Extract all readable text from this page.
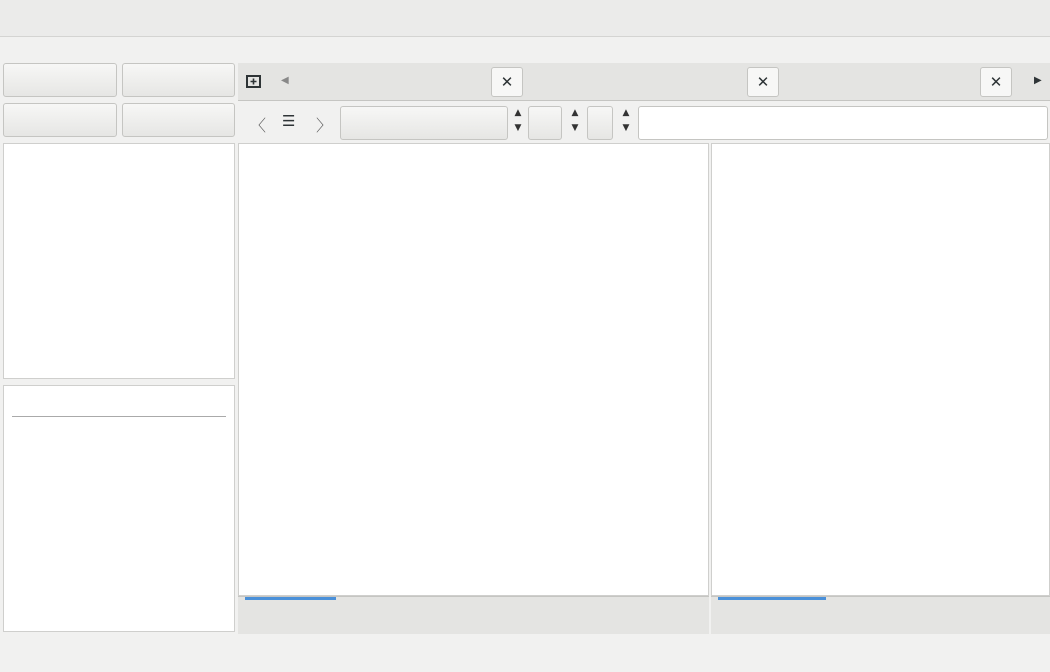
◀	✕	✕	✕	▶
〈 ☰ 〉
▲
▼
▲
▼
▲
▼
